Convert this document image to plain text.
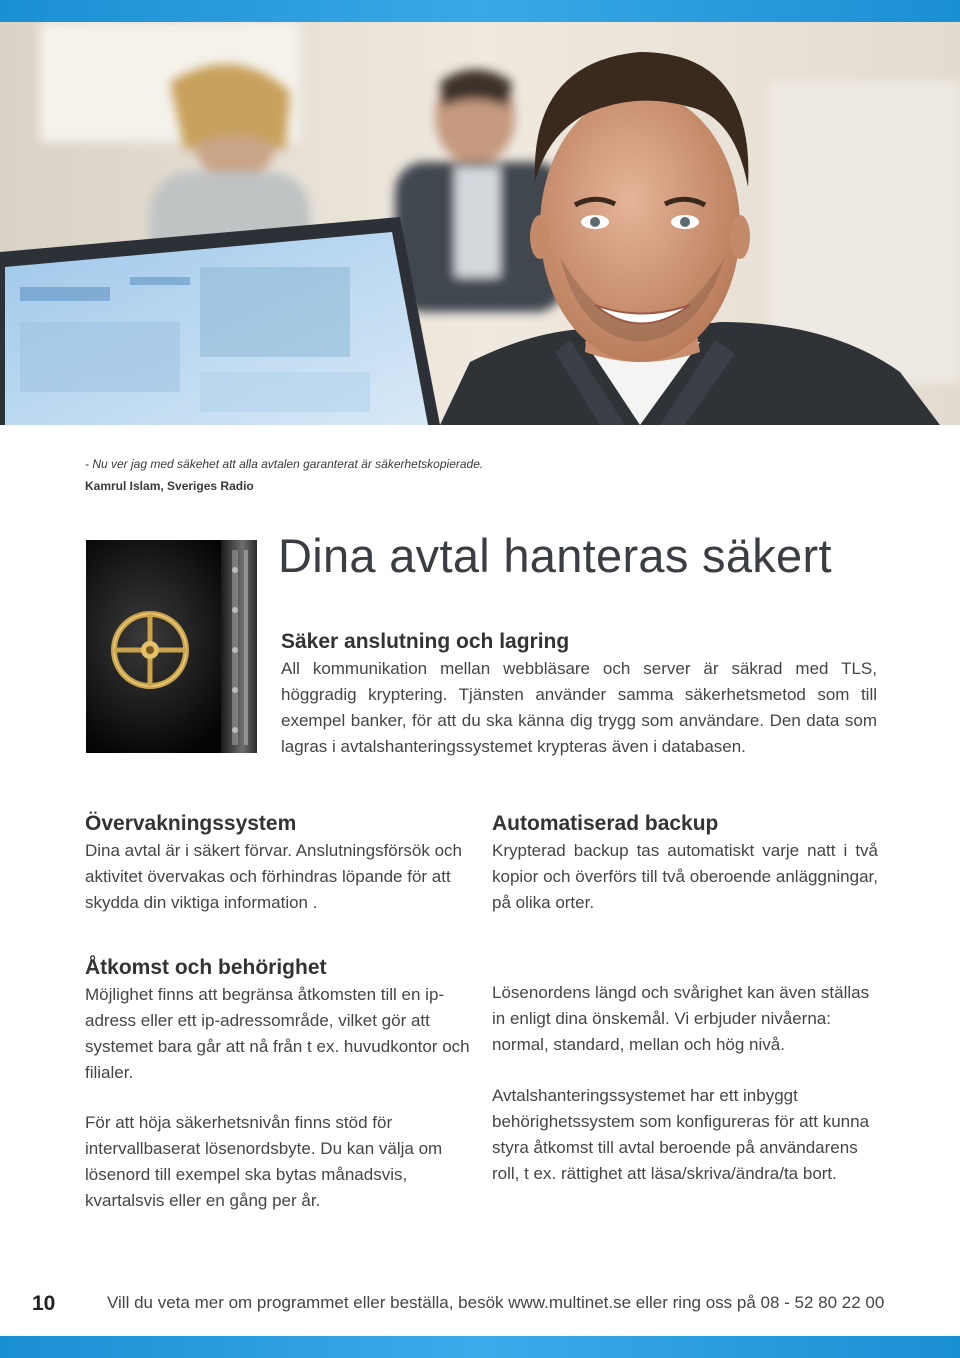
- Nu ver jag med säkehet att alla avtalen garanterat är säkerhetskopierade.
Kamrul Islam, Sveriges Radio
Dina avtal hanteras säkert
Säker anslutning och lagring

All kommunikation mellan webbläsare och server är säkrad med TLS, höggradig kryptering. Tjänsten använder samma säkerhetsmetod som till exempel banker, för att du ska känna dig trygg som användare. Den data som lagras i avtalshanteringssystemet krypteras även i databasen.

Övervakningssystem

Dina avtal är i säkert förvar. Anslutningsförsök och aktivitet övervakas och förhindras löpande för att skydda din viktiga information .

Automatiserad backup

Krypterad backup tas automatiskt varje natt i två kopior och överförs till två oberoende anläggningar, på olika orter.

Åtkomst och behörighet

Möjlighet finns att begränsa åtkomsten till en ip-adress eller ett ip-adressområde, vilket gör att systemet bara går att nå från t ex. huvudkontor och filialer.

För att höja säkerhetsnivån finns stöd för intervallbaserat lösenordsbyte. Du kan välja om lösenord till exempel ska bytas månadsvis, kvartalsvis eller en gång per år.

Lösenordens längd och svårighet kan även ställas in enligt dina önskemål. Vi erbjuder nivåerna: normal, standard, mellan och hög nivå.

Avtalshanteringssystemet har ett inbyggt behörighetssystem som konfigureras för att kunna styra åtkomst till avtal beroende på användarens roll, t ex. rättighet att läsa/skriva/ändra/ta bort.

10	Vill du veta mer om programmet eller beställa, besök www.multinet.se eller ring oss på 08 - 52 80 22 00
